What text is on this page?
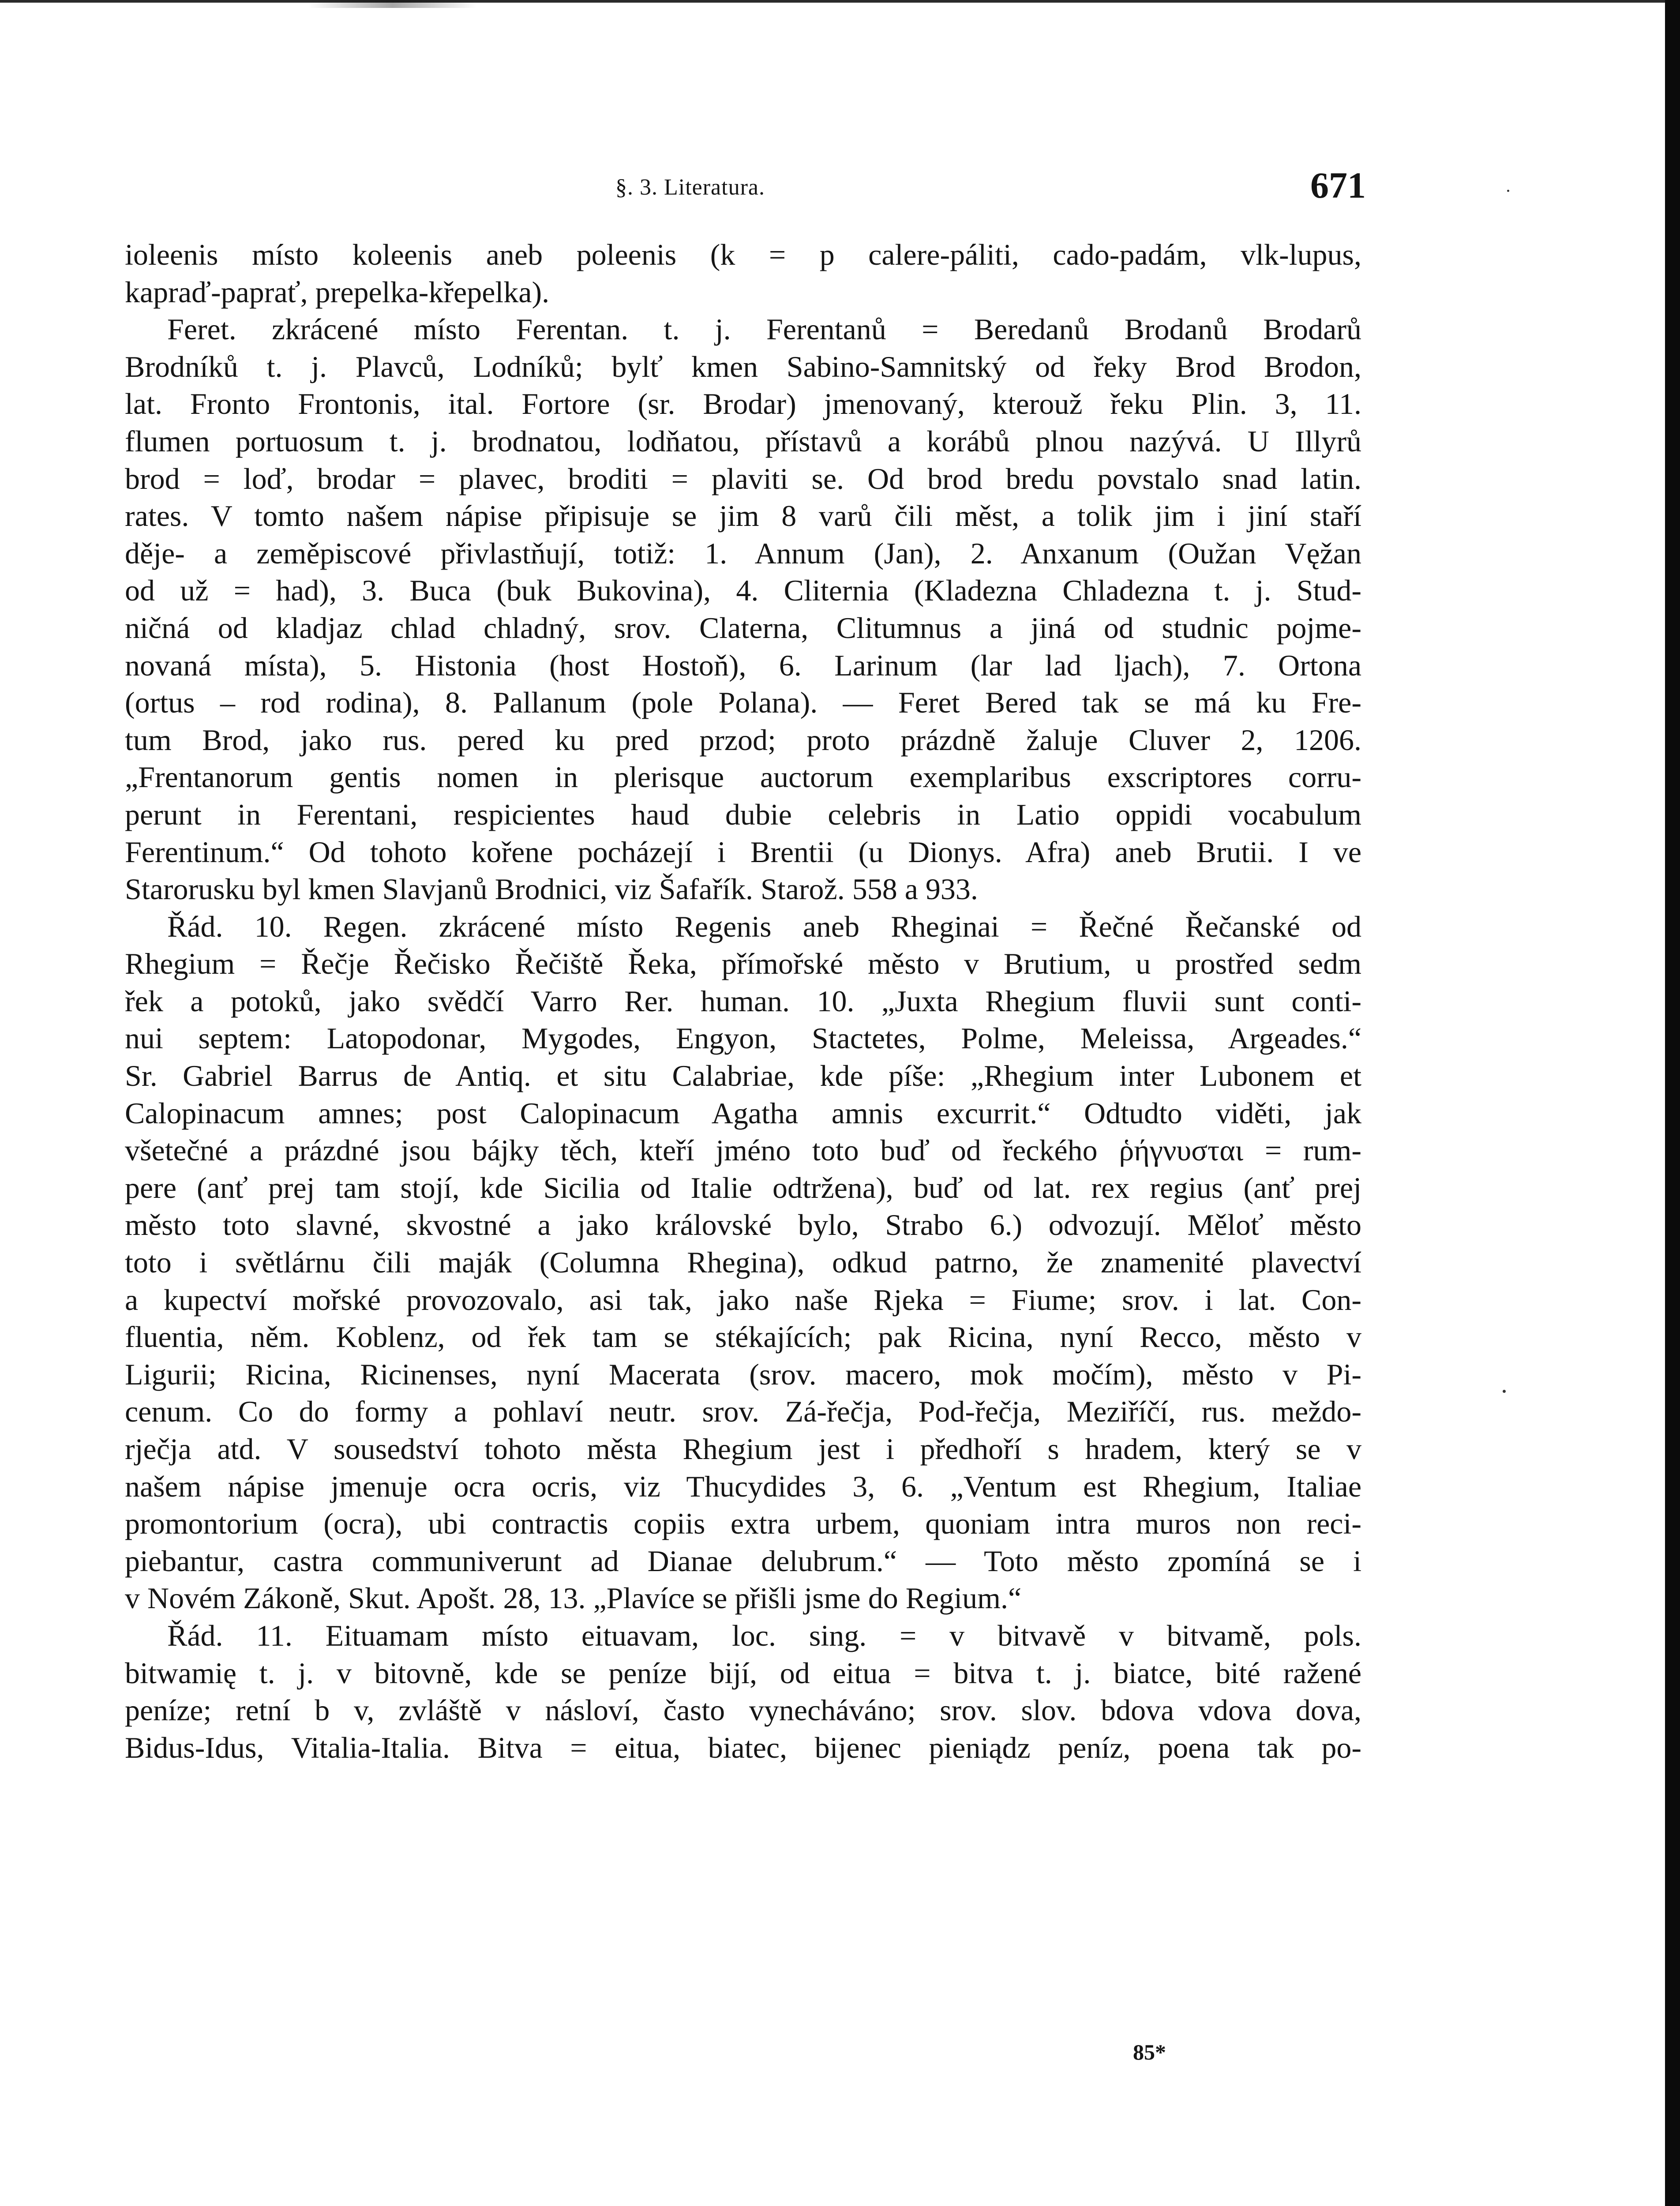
§. 3. Literatura.	671
ioleenis místo koleenis aneb poleenis (k = p calere-páliti, cado-padám, vlk-lupus,
kapraď-paprať, prepelka-křepelka).
Feret. zkrácené místo Ferentan. t. j. Ferentanů = Beredanů Brodanů Brodarů
Brodníků t. j. Plavců, Lodníků; bylť kmen Sabino-Samnitský od řeky Brod Brodon,
lat. Fronto Frontonis, ital. Fortore (sr. Brodar) jmenovaný, kterouž řeku Plin. 3, 11.
flumen portuosum t. j. brodnatou, lodňatou, přístavů a korábů plnou nazývá. U Illyrů
brod = loď, brodar = plavec, broditi = plaviti se. Od brod bredu povstalo snad latin.
rates. V tomto našem nápise připisuje se jim 8 varů čili měst, a tolik jim i jiní staří
děje- a zeměpiscové přivlastňují, totiž: 1. Annum (Jan), 2. Anxanum (Oužan Vęžan
od už = had), 3. Buca (buk Bukovina), 4. Cliternia (Kladezna Chladezna t. j. Stud-
ničná od kladjaz chlad chladný, srov. Claterna, Clitumnus a jiná od studnic pojme-
novaná místa), 5. Histonia (host Hostoň), 6. Larinum (lar lad ljach), 7. Ortona
(ortus – rod rodina), 8. Pallanum (pole Polana). — Feret Bered tak se má ku Fre-
tum Brod, jako rus. pered ku pred przod; proto prázdně žaluje Cluver 2, 1206.
„Frentanorum gentis nomen in plerisque auctorum exemplaribus exscriptores corru-
perunt in Ferentani, respicientes haud dubie celebris in Latio oppidi vocabulum
Ferentinum.“ Od tohoto kořene pocházejí i Brentii (u Dionys. Afra) aneb Brutii. I ve
Starorusku byl kmen Slavjanů Brodnici, viz Šafařík. Starož. 558 a 933.
Řád. 10. Regen. zkrácené místo Regenis aneb Rheginai = Řečné Řečanské od
Rhegium = Řečje Řečisko Řečiště Řeka, přímořské město v Brutium, u prostřed sedm
řek a potoků, jako svědčí Varro Rer. human. 10. „Juxta Rhegium fluvii sunt conti-
nui septem: Latopodonar, Mygodes, Engyon, Stactetes, Polme, Meleissa, Argeades.“
Sr. Gabriel Barrus de Antiq. et situ Calabriae, kde píše: „Rhegium inter Lubonem et
Calopinacum amnes; post Calopinacum Agatha amnis excurrit.“ Odtudto viděti, jak
všetečné a prázdné jsou bájky těch, kteří jméno toto buď od řeckého ῥήγνυσται = rum-
pere (anť prej tam stojí, kde Sicilia od Italie odtržena), buď od lat. rex regius (anť prej
město toto slavné, skvostné a jako královské bylo, Strabo 6.) odvozují. Měloť město
toto i světlárnu čili maják (Columna Rhegina), odkud patrno, že znamenité plavectví
a kupectví mořské provozovalo, asi tak, jako naše Rjeka = Fiume; srov. i lat. Con-
fluentia, něm. Koblenz, od řek tam se stékajících; pak Ricina, nyní Recco, město v
Ligurii; Ricina, Ricinenses, nyní Macerata (srov. macero, mok močím), město v Pi-
cenum. Co do formy a pohlaví neutr. srov. Zá-řečja, Pod-řečja, Meziříčí, rus. meždo-
rječja atd. V sousedství tohoto města Rhegium jest i předhoří s hradem, který se v
našem nápise jmenuje ocra ocris, viz Thucydides 3, 6. „Ventum est Rhegium, Italiae
promontorium (ocra), ubi contractis copiis extra urbem, quoniam intra muros non reci-
piebantur, castra communiverunt ad Dianae delubrum.“ — Toto město zpomíná se i
v Novém Zákoně, Skut. Apošt. 28, 13. „Plavíce se přišli jsme do Regium.“
Řád. 11. Eituamam místo eituavam, loc. sing. = v bitvavě v bitvamě, pols.
bitwamię t. j. v bitovně, kde se peníze bijí, od eitua = bitva t. j. biatce, bité ražené
peníze; retní b v, zvláště v násloví, často vynecháváno; srov. slov. bdova vdova dova,
Bidus-Idus, Vitalia-Italia. Bitva = eitua, biatec, bijenec pieniądz peníz, poena tak po-
85*
